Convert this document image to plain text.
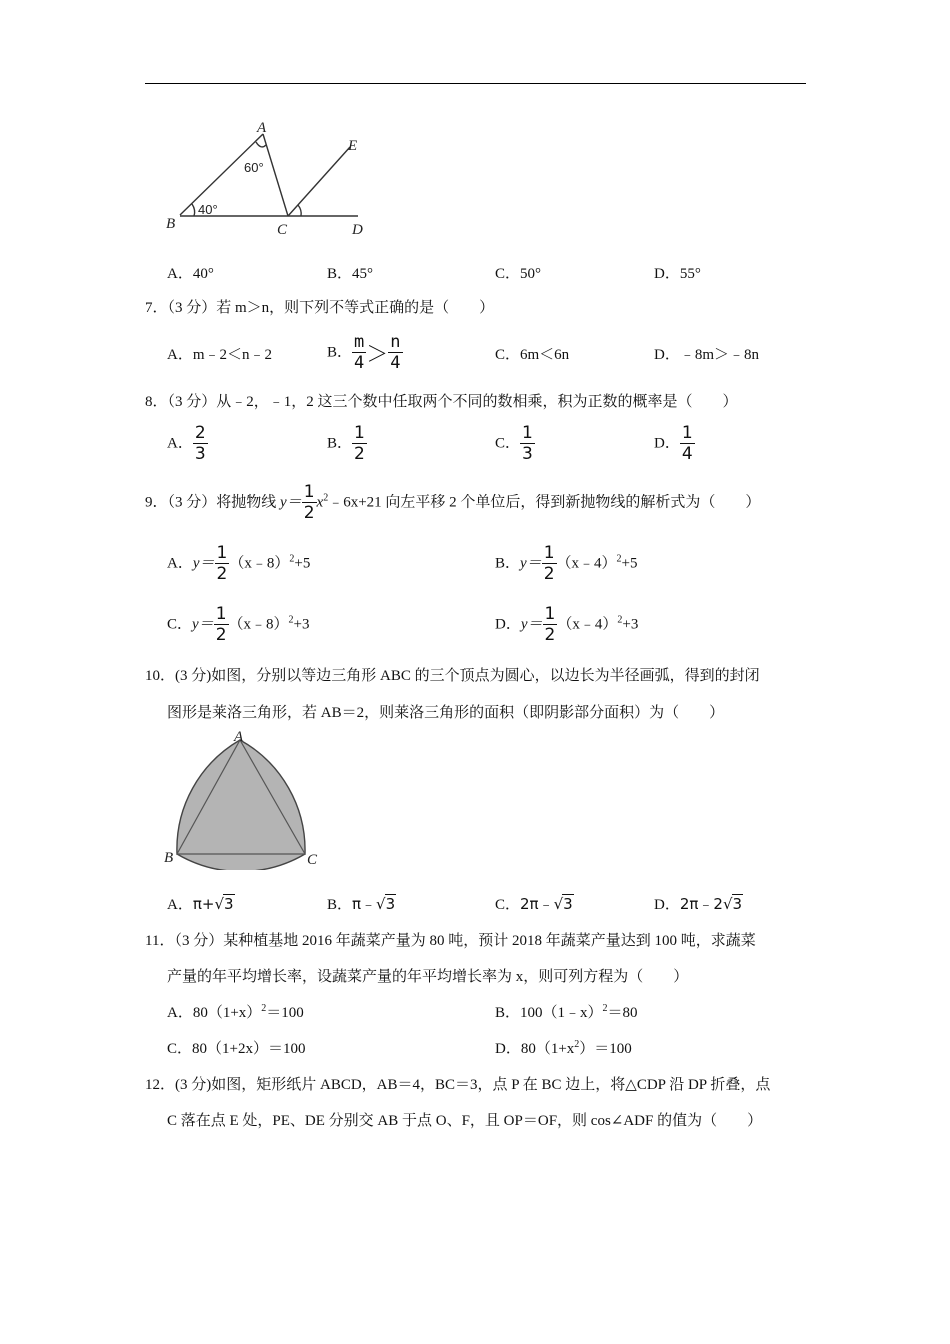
A
E
B	C	D
60°
40°
A．40°	B．45°	C．50°	D．55°
7．（3 分）若 m＞n，则下列不等式正确的是（　　）
A．m﹣2＜n﹣2	B． $\frac{m}{4} > \frac{n}{4}$	C．6m＜6n	D．﹣8m＞﹣8n
8．（3 分）从﹣2，﹣1，2 这三个数中任取两个不同的数相乘，积为正数的概率是（　　）
A． $\frac{2}{3}$	B． $\frac{1}{2}$	C． $\frac{1}{3}$	D． $\frac{1}{4}$
9．（3 分）将抛物线 $y= \frac{1}{2}$ $x^2﹣6x+21$ 向左平移 2 个单位后，得到新抛物线的解析式为（　　）
A．$y= \frac{1}{2}$ （x﹣8）$^2$+5	B．$y= \frac{1}{2}$ （x﹣4）$^2$+5
C．$y= \frac{1}{2}$ （x﹣8）$^2$+3	D．$y= \frac{1}{2}$ （x﹣4）$^2$+3
10．(3 分)如图，分别以等边三角形 ABC 的三个顶点为圆心，以边长为半径画弧，得到的封闭
图形是莱洛三角形，若 AB＝2，则莱洛三角形的面积（即阴影部分面积）为（　　）
A
B	C
A．π+√3	B．π﹣√3	C．2π﹣√3	D．2π﹣2√3
11．（3 分）某种植基地 2016 年蔬菜产量为 80 吨，预计 2018 年蔬菜产量达到 100 吨，求蔬菜
产量的年平均增长率，设蔬菜产量的年平均增长率为 x，则可列方程为（　　）
A．$80(1+x)^2=100$	B．100（1﹣x）$^2$＝80
C．80（1+2x）＝100	D．$80(1+x^2)=100$
12．(3 分)如图，矩形纸片 ABCD，AB＝4，BC＝3，点 P 在 BC 边上，将△CDP 沿 DP 折叠，点
C 落在点 E 处，PE、DE 分别交 AB 于点 O、F，且 OP＝OF，则 cos∠ADF 的值为（　　）
